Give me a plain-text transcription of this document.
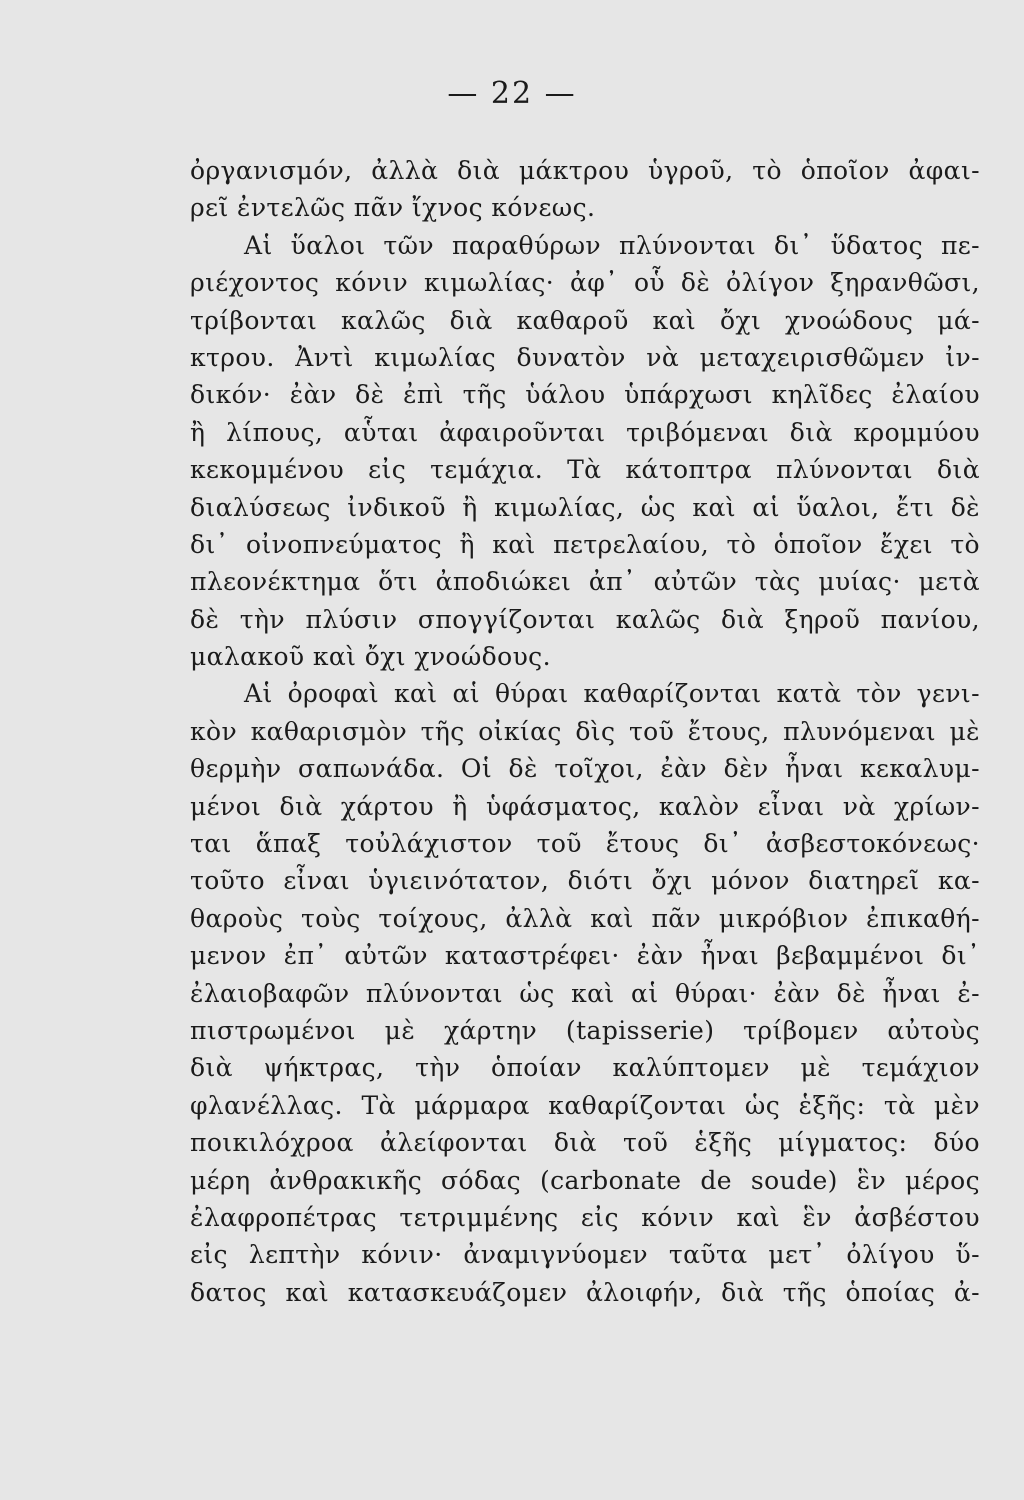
— 22 —
ὀργανισμόν, ἀλλὰ διὰ μάκτρου ὑγροῦ, τὸ ὁποῖον ἀφαι-
ρεῖ ἐντελῶς πᾶν ἴχνος κόνεως.
Αἱ ὕαλοι τῶν παραθύρων πλύνονται δι᾽ ὕδατος πε-
ριέχοντος κόνιν κιμωλίας· ἀφ᾽ οὗ δὲ ὀλίγον ξηρανθῶσι,
τρίβονται καλῶς διὰ καθαροῦ καὶ ὄχι χνοώδους μά-
κτρου. Ἀντὶ κιμωλίας δυνατὸν νὰ μεταχειρισθῶμεν ἰν-
δικόν· ἐὰν δὲ ἐπὶ τῆς ὑάλου ὑπάρχωσι κηλῖδες ἐλαίου
ἢ λίπους, αὗται ἀφαιροῦνται τριβόμεναι διὰ κρομμύου
κεκομμένου εἰς τεμάχια. Τὰ κάτοπτρα πλύνονται διὰ
διαλύσεως ἰνδικοῦ ἢ κιμωλίας, ὡς καὶ αἱ ὕαλοι, ἔτι δὲ
δι᾽ οἰνοπνεύματος ἢ καὶ πετρελαίου, τὸ ὁποῖον ἔχει τὸ
πλεονέκτημα ὅτι ἀποδιώκει ἀπ᾽ αὐτῶν τὰς μυίας· μετὰ
δὲ τὴν πλύσιν σπογγίζονται καλῶς διὰ ξηροῦ πανίου,
μαλακοῦ καὶ ὄχι χνοώδους.
Αἱ ὀροφαὶ καὶ αἱ θύραι καθαρίζονται κατὰ τὸν γενι-
κὸν καθαρισμὸν τῆς οἰκίας δὶς τοῦ ἔτους, πλυνόμεναι μὲ
θερμὴν σαπωνάδα. Οἱ δὲ τοῖχοι, ἐὰν δὲν ἦναι κεκαλυμ-
μένοι διὰ χάρτου ἢ ὑφάσματος, καλὸν εἶναι νὰ χρίων-
ται ἅπαξ τοὐλάχιστον τοῦ ἔτους δι᾽ ἀσβεστοκόνεως·
τοῦτο εἶναι ὑγιεινότατον, διότι ὄχι μόνον διατηρεῖ κα-
θαροὺς τοὺς τοίχους, ἀλλὰ καὶ πᾶν μικρόβιον ἐπικαθή-
μενον ἐπ᾽ αὐτῶν καταστρέφει· ἐὰν ἦναι βεβαμμένοι δι᾽
ἐλαιοβαφῶν πλύνονται ὡς καὶ αἱ θύραι· ἐὰν δὲ ἦναι ἐ-
πιστρωμένοι μὲ χάρτην (tapisserie) τρίβομεν αὐτοὺς
διὰ ψήκτρας, τὴν ὁποίαν καλύπτομεν μὲ τεμάχιον
φλανέλλας. Τὰ μάρμαρα καθαρίζονται ὡς ἑξῆς: τὰ μὲν
ποικιλόχροα ἀλείφονται διὰ τοῦ ἑξῆς μίγματος: δύο
μέρη ἀνθρακικῆς σόδας (carbonate de soude) ἓν μέρος
ἐλαφροπέτρας τετριμμένης εἰς κόνιν καὶ ἓν ἀσβέστου
εἰς λεπτὴν κόνιν· ἀναμιγνύομεν ταῦτα μετ᾽ ὀλίγου ὕ-
δατος καὶ κατασκευάζομεν ἀλοιφήν, διὰ τῆς ὁποίας ἀ-
